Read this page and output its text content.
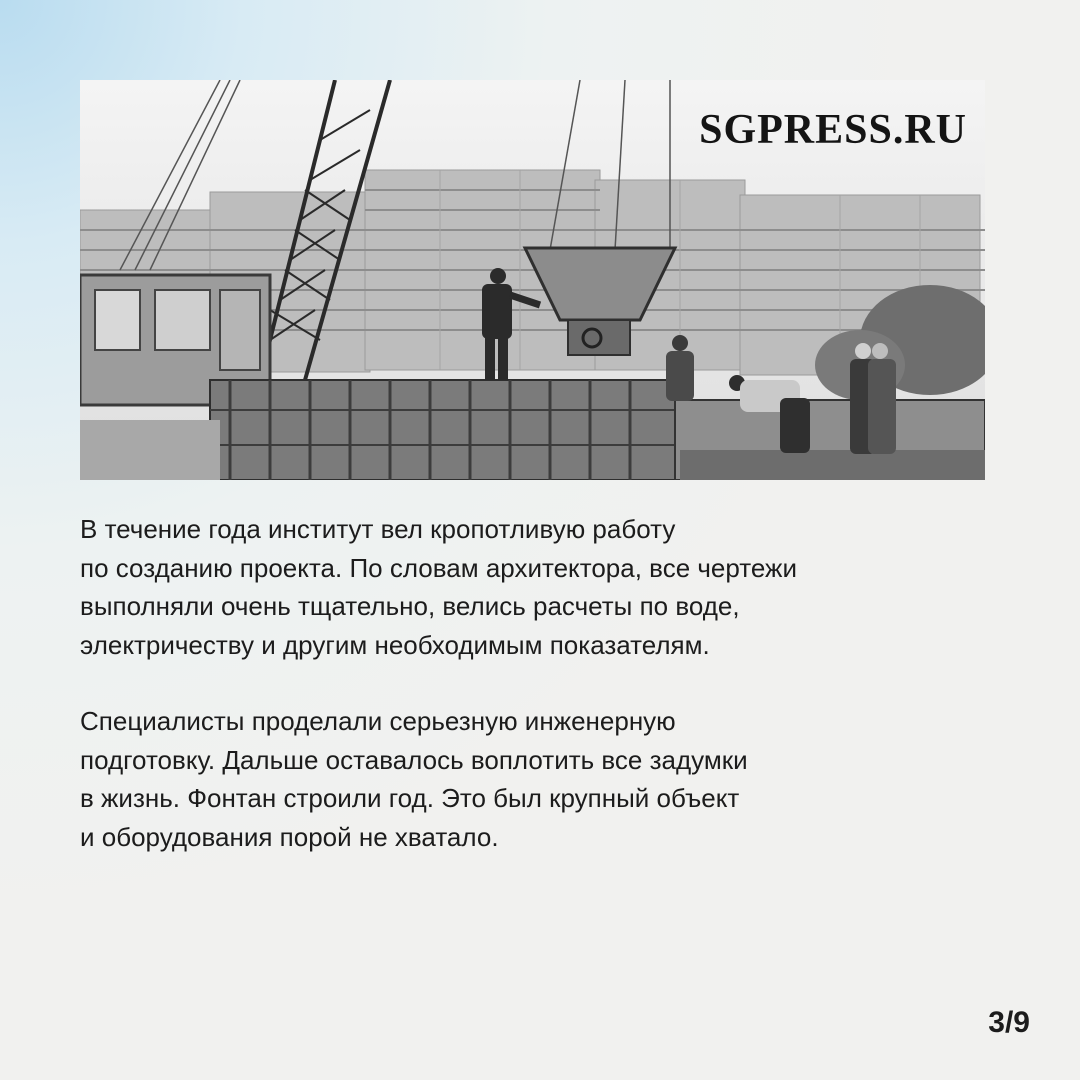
SGPRESS.RU

В течение года институт вел кропотливую работу
по созданию проекта. По словам архитектора, все чертежи
выполняли очень тщательно, велись расчеты по воде,
электричеству и другим необходимым показателям.

Специалисты проделали серьезную инженерную
подготовку. Дальше оставалось воплотить все задумки
в жизнь. Фонтан строили год. Это был крупный объект
и оборудования порой не хватало.

3/9
